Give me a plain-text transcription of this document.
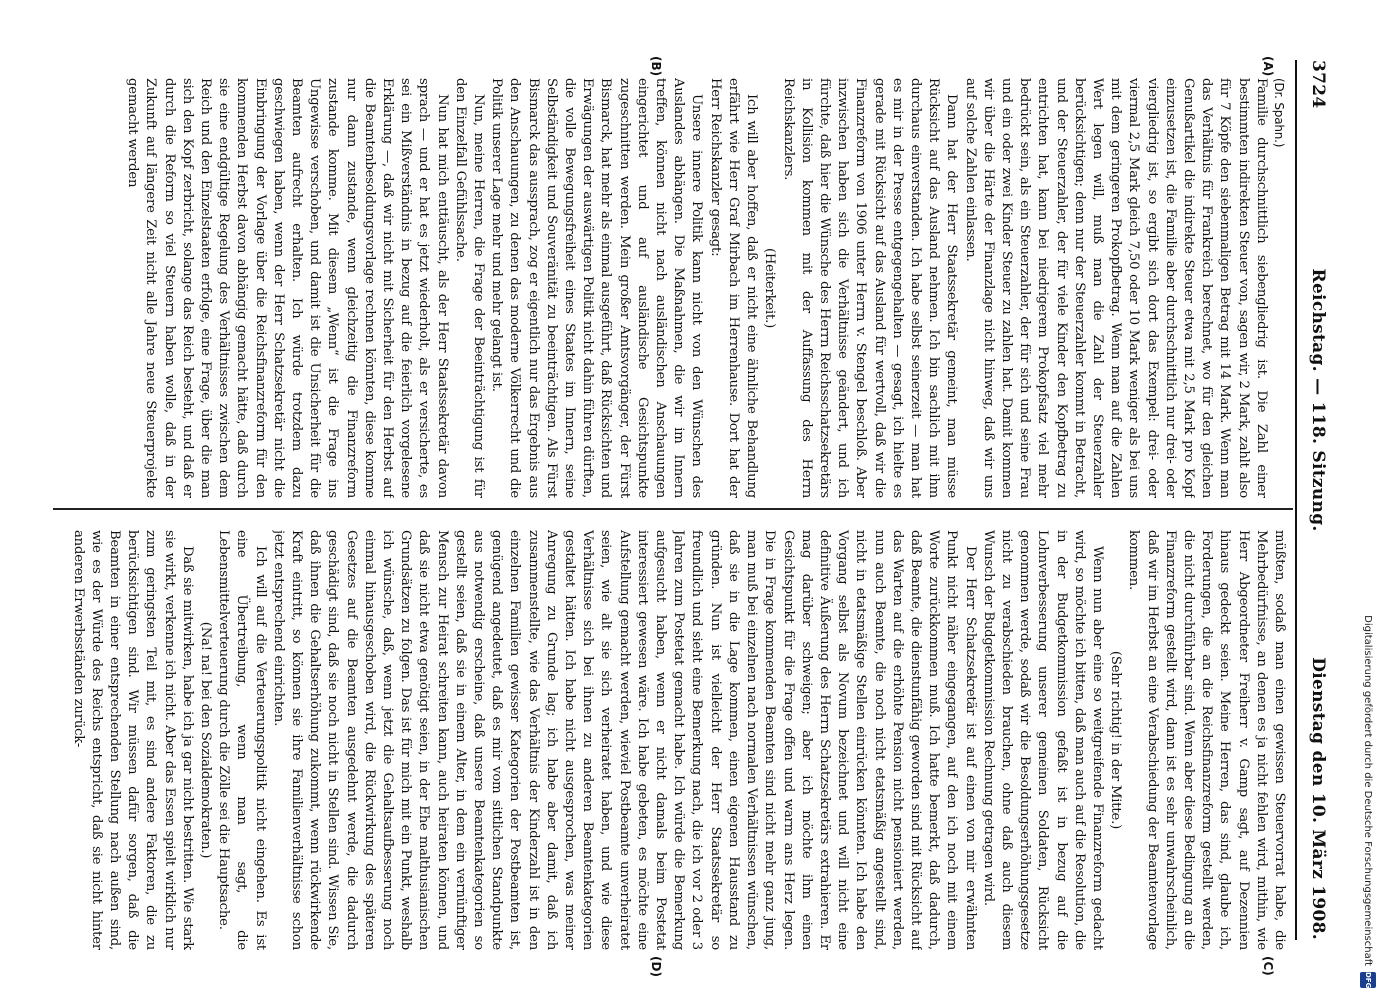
Digitalisierung gefördert durch die Deutsche Forschungsgemeinschaft
DFG
3724
Reichstag. — 118. Sitzung.
Dienstag den 10. März 1908.
(A)
(B)
(C)
(D)

(Dr. Spahn.)

Familie durchschnittlich siebengliedrig ist. Die Zahl einer bestimmten indirekten Steuer von, sagen wir, 2 Mark, zahlt also für 7 Köpfe den siebenmaligen Betrag mit 14 Mark. Wenn man das Verhältnis für Frankreich berechnet, wo für den gleichen Genußartikel die indirekte Steuer etwa mit 2,5 Mark pro Kopf einzusetzen ist, die Familie aber durchschnittlich nur drei- oder viergliedrig ist, so ergibt sich dort das Exempel: drei- oder viermal 2,5 Mark gleich 7,50 oder 10 Mark weniger als bei uns mit dem geringeren Prokopfbetrag. Wenn man auf die Zahlen Wert legen will, muß man die Zahl der Steuerzahler berücksichtigen; denn nur der Steuerzahler kommt in Betracht, und der Steuerzahler, der für viele Kinder den Kopfbetrag zu entrichten hat, kann bei niedrigerem Prokopfsatz viel mehr bedrückt sein, als ein Steuerzahler, der für sich und seine Frau und ein oder zwei Kinder Steuer zu zahlen hat. Damit kommen wir über die Härte der Finanzlage nicht hinweg, daß wir uns auf solche Zahlen einlassen.

Dann hat der Herr Staatssekretär gemeint, man müsse Rücksicht auf das Ausland nehmen. Ich bin sachlich mit ihm durchaus einverstanden. Ich habe selbst seinerzeit — man hat es mir in der Presse entgegengehalten — gesagt, ich hielte es gerade mit Rücksicht auf das Ausland für wertvoll, daß wir die Finanzreform von 1906 unter Herrn v. Stengel beschloß. Aber inzwischen haben sich die Verhältnisse geändert, und ich fürchte, daß hier die Wünsche des Herrn Reichsschatzsekretärs in Kollision kommen mit der Auffassung des Herrn Reichskanzlers.

(Heiterkeit.)

Ich will aber hoffen, daß er nicht eine ähnliche Behandlung erfährt wie Herr Graf Mirbach im Herrenhause. Dort hat der Herr Reichskanzler gesagt:

Unsere innere Politik kann nicht von den Wünschen des Auslandes abhängen. Die Maßnahmen, die wir im Innern treffen, können nicht nach ausländischen Anschauungen eingerichtet und auf ausländische Gesichtspunkte zugeschnitten werden. Mein großer Amtsvorgänger, der Fürst Bismarck, hat mehr als einmal ausgeführt, daß Rücksichten und Erwägungen der auswärtigen Politik nicht dahin führen dürften, die volle Bewegungsfreiheit eines Staates im Innern, seine Selbständigkeit und Souveränität zu beeinträchtigen. Als Fürst Bismarck das aussprach, zog er eigentlich nur das Ergebnis aus den Anschauungen, zu denen das moderne Völkerrecht und die Politik unserer Lage mehr und mehr gelangt ist.

Nun, meine Herren, die Frage der Beeinträchtigung ist für den Einzelfall Gefühlssache.

Nun hat mich enttäuscht, als der Herr Staatssekretär davon sprach — und er hat es jetzt wiederholt, als er versicherte, es sei ein Mißverständnis in bezug auf die feierlich vorgelesene Erklärung —, daß wir nicht mit Sicherheit für den Herbst auf die Beamtenbesoldungsvorlage rechnen könnten, diese komme nur dann zustande, wenn gleichzeitig die Finanzreform zustande komme. Mit diesem „Wenn“ ist die Frage ins Ungewisse verschoben, und damit ist die Unsicherheit für die Beamten aufrecht erhalten. Ich würde trotzdem dazu geschwiegen haben, wenn der Herr Schatzsekretär nicht die Einbringung der Vorlage über die Reichsfinanzreform für den kommenden Herbst davon abhängig gemacht hätte, daß durch sie eine endgültige Regelung des Verhältnisses zwischen dem Reich und den Einzelstaaten erfolge, eine Frage, über die man sich den Kopf zerbricht, solange das Reich besteht, und daß er durch die Reform so viel Steuern haben wolle, daß in der Zukunft auf längere Zeit nicht alle Jahre neue Steuerprojekte gemacht werden

müßten, sodaß man einen gewissen Steuervorrat habe, die Mehrbedürfnisse, an denen es ja nicht fehlen wird, mithin, wie Herr Abgeordneter Freiherr v. Gamp sagt, auf Dezennien hinaus gedeckt seien. Meine Herren, das sind, glaube ich, Forderungen, die an die Reichsfinanzreform gestellt werden, die nicht durchführbar sind. Wenn aber diese Bedingung an die Finanzreform gestellt wird, dann ist es sehr unwahrscheinlich, daß wir im Herbst an eine Verabschiedung der Beamtenvorlage kommen.

(Sehr richtig! in der Mitte.)

Wenn nun aber eine so weitgreifende Finanzreform gedacht wird, so möchte ich bitten, daß man auch auf die Resolution, die in der Budgetkommission gefaßt ist in bezug auf die Lohnverbesserung unserer gemeinen Soldaten, Rücksicht genommen werde, sodaß wir die Besoldungserhöhungsgesetze nicht zu verabschieden brauchen, ohne daß auch diesem Wunsch der Budgetkommission Rechnung getragen wird.

Der Herr Schatzsekretär ist auf einen von mir erwähnten Punkt nicht näher eingegangen, auf den ich noch mit einem Worte zurückkommen muß. Ich hatte bemerkt, daß dadurch, daß Beamte, die dienstunfähig geworden sind mit Rücksicht auf das Warten auf die erhöhte Pension nicht pensioniert werden, nun auch Beamte, die noch nicht etatsmäßig angestellt sind, nicht in etatsmäßige Stellen einrücken könnten. Ich habe den Vorgang selbst als Novum bezeichnet und will nicht eine definitive Äußerung des Herrn Schatzsekretärs extrahieren. Er mag darüber schweigen; aber ich möchte ihm einen Gesichtspunkt für die Frage offen und warm ans Herz legen. Die in Frage kommenden Beamten sind nicht mehr ganz jung, man muß bei einzelnen nach normalen Verhältnissen wünschen, daß sie in die Lage kommen, einen eigenen Hausstand zu gründen. Nun ist vielleicht der Herr Staatssekretär so freundlich und sieht eine Bemerkung nach, die ich vor 2 oder 3 Jahren zum Postetat gemacht habe. Ich würde die Bemerkung aufgesucht haben, wenn er nicht damals beim Postetat interessiert gewesen wäre. Ich habe gebeten, es möchte eine Aufstellung gemacht werden, wieviel Postbeamte unverheiratet seien, wie alt sie sich verheiratet haben, und wie diese Verhältnisse sich bei ihnen zu anderen Beamtenkategorien gestaltet hätten. Ich habe nicht ausgesprochen, was meiner Anregung zu Grunde lag; ich habe aber damit, daß ich zusammenstellte, wie das Verhältnis der Kinderzahl ist in den einzelnen Familien gewisser Kategorien der Postbeamten ist, genügend angedeutet, daß es mir vom sittlichen Standpunkte aus notwendig erscheine, daß unsere Beamtenkategorien so gestellt seien, daß sie in einem Alter, in dem ein vernünftiger Mensch zur Heirat schreiten kann, auch heiraten können, und daß sie nicht etwa genötigt seien, in der Ehe malthusianischen Grundsätzen zu folgen. Das ist für mich mit ein Punkt, weshalb ich wünsche, daß, wenn jetzt die Gehaltsaufbesserung noch einmal hinausgeschoben wird, die Rückwirkung des späteren Gesetzes auf die Beamten ausgedehnt werde, die dadurch geschädigt sind, daß sie noch nicht in Stellen sind. Wissen Sie, daß ihnen die Gehaltserhöhung zukommt, wenn rückwirkende Kraft eintritt, so können sie ihre Familienverhältnisse schon jetzt entsprechend einrichten.

Ich will auf die Verteuerungspolitik nicht eingehen. Es ist eine Übertreibung, wenn man sagt, die Lebensmittelverteuerung durch die Zölle sei die Hauptsache.

(Na! na! bei den Sozialdemokraten.)

Daß sie mitwirken, habe ich ja gar nicht bestritten. Wie stark sie wirkt, verkenne ich nicht. Aber das Essen spielt wirklich nur zum geringsten Teil mit, es sind andere Faktoren, die zu berücksichtigen sind. Wir müssen dafür sorgen, daß die Beamten in einer entsprechenden Stellung nach außen sind, wie es der Würde des Reichs entspricht, daß sie nicht hinter anderen Erwerbsständen zurück-
